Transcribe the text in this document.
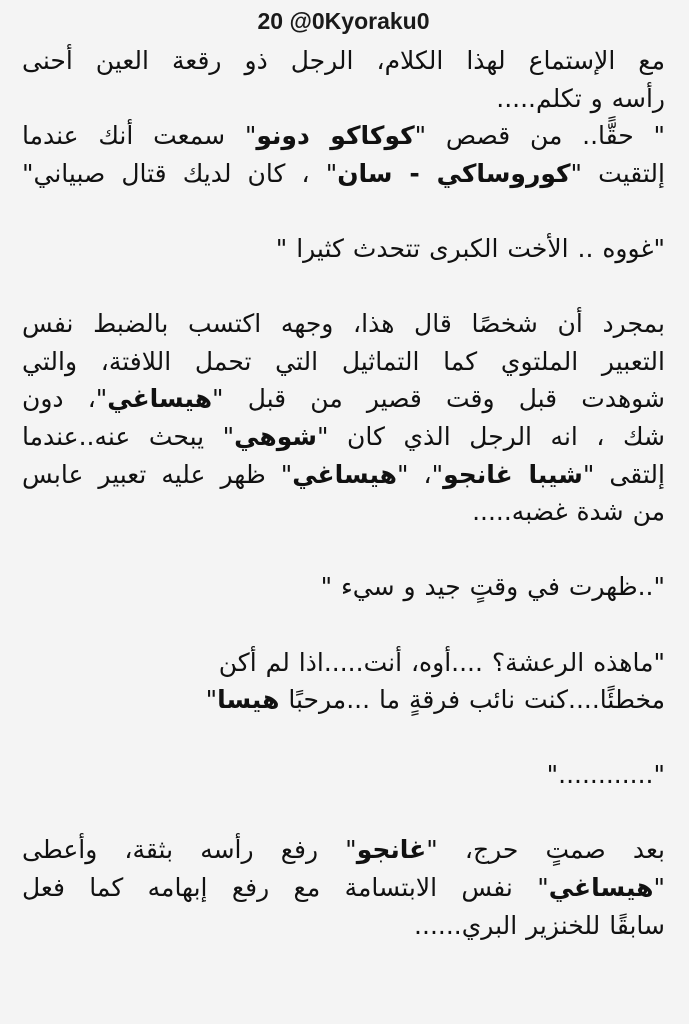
20 @0Kyoraku0

مع الإستماع لهذا الكلام، الرجل ذو رقعة العين أحنى
رأسه و تكلم.....

" حقًّا.. من قصص "كوكاكو دونو" سمعت أنك عندما
إلتقيت "كوروساكي - سان" ، كان لديك قتال صبياني"

"غووه .. الأخت الكبرى تتحدث كثيرا "

بمجرد أن شخصًا قال هذا، وجهه اكتسب بالضبط نفس
التعبير الملتوي كما التماثيل التي تحمل اللافتة، والتي
شوهدت قبل وقت قصير من قبل "هيساغي"، دون
شك ، انه الرجل الذي كان "شوهي" يبحث عنه..عندما
إلتقى "شيبا غانجو"، "هيساغي" ظهر عليه تعبير عابس
من شدة غضبه.....

"..ظهرت في وقتٍ جيد و سيء "

"ماهذه الرعشة؟ ....أوه، أنت.....اذا لم أكن
مخطئًا....كنت نائب فرقةٍ ما ...مرحبًا هيسا"

"............"

بعد صمتٍ حرج، "غانجو" رفع رأسه بثقة، وأعطى
"هيساغي" نفس الابتسامة مع رفع إبهامه كما فعل
سابقًا للخنزير البري......
